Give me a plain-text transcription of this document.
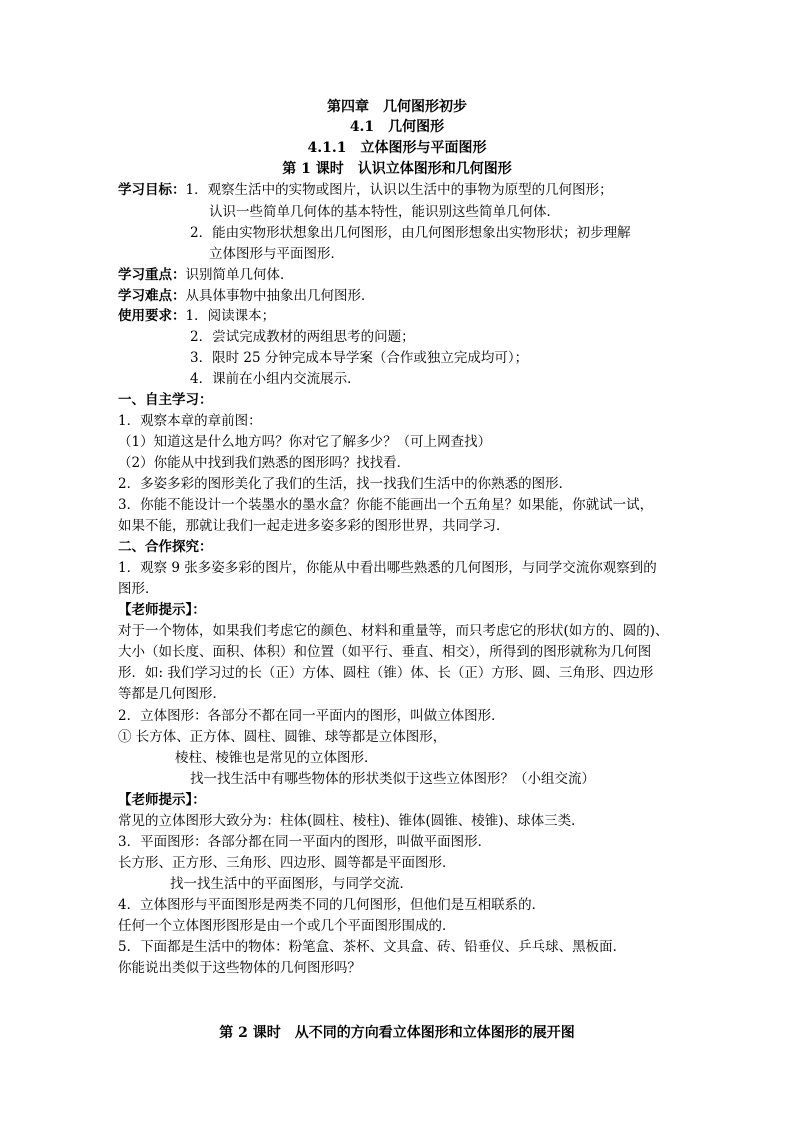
第四章　几何图形初步
4.1　几何图形
4.1.1　立体图形与平面图形
第 1 课时　认识立体图形和几何图形
学习目标：1．观察生活中的实物或图片，认识以生活中的事物为原型的几何图形；
认识一些简单几何体的基本特性，能识别这些简单几何体．
2．能由实物形状想象出几何图形，由几何图形想象出实物形状；初步理解
立体图形与平面图形．
学习重点：识别简单几何体．
学习难点：从具体事物中抽象出几何图形．
使用要求：1．阅读课本；
2．尝试完成教材的两组思考的问题；
3．限时 25 分钟完成本导学案（合作或独立完成均可）；
4．课前在小组内交流展示．
一、自主学习：
1．观察本章的章前图：
（1）知道这是什么地方吗？你对它了解多少？（可上网查找）
（2）你能从中找到我们熟悉的图形吗？找找看．
2．多姿多彩的图形美化了我们的生活，找一找我们生活中的你熟悉的图形．
3．你能不能设计一个装墨水的墨水盒？你能不能画出一个五角星？如果能，你就试一试，
如果不能，那就让我们一起走进多姿多彩的图形世界，共同学习．
二、合作探究：
1．观察 9 张多姿多彩的图片，你能从中看出哪些熟悉的几何图形，与同学交流你观察到的
图形．
【老师提示】：
对于一个物体，如果我们考虑它的颜色、材料和重量等，而只考虑它的形状(如方的、圆的)、
大小（如长度、面积、体积）和位置（如平行、垂直、相交），所得到的图形就称为几何图
形．如: 我们学习过的长（正）方体、圆柱（锥）体、长（正）方形、圆、三角形、四边形
等都是几何图形．
2．立体图形：各部分不都在同一平面内的图形，叫做立体图形．
① 长方体、正方体、圆柱、圆锥、球等都是立体图形，
棱柱、棱锥也是常见的立体图形．
找一找生活中有哪些物体的形状类似于这些立体图形？（小组交流）
【老师提示】：
常见的立体图形大致分为：柱体(圆柱、棱柱)、锥体(圆锥、棱锥)、球体三类．
3．平面图形：各部分都在同一平面内的图形，叫做平面图形．
长方形、正方形、三角形、四边形、圆等都是平面图形．
找一找生活中的平面图形，与同学交流．
4．立体图形与平面图形是两类不同的几何图形，但他们是互相联系的．
任何一个立体图形图形是由一个或几个平面图形围成的．
5．下面都是生活中的物体：粉笔盒、茶杯、文具盒、砖、铅垂仪、乒乓球、黑板面．
你能说出类似于这些物体的几何图形吗？
第 2 课时　从不同的方向看立体图形和立体图形的展开图
